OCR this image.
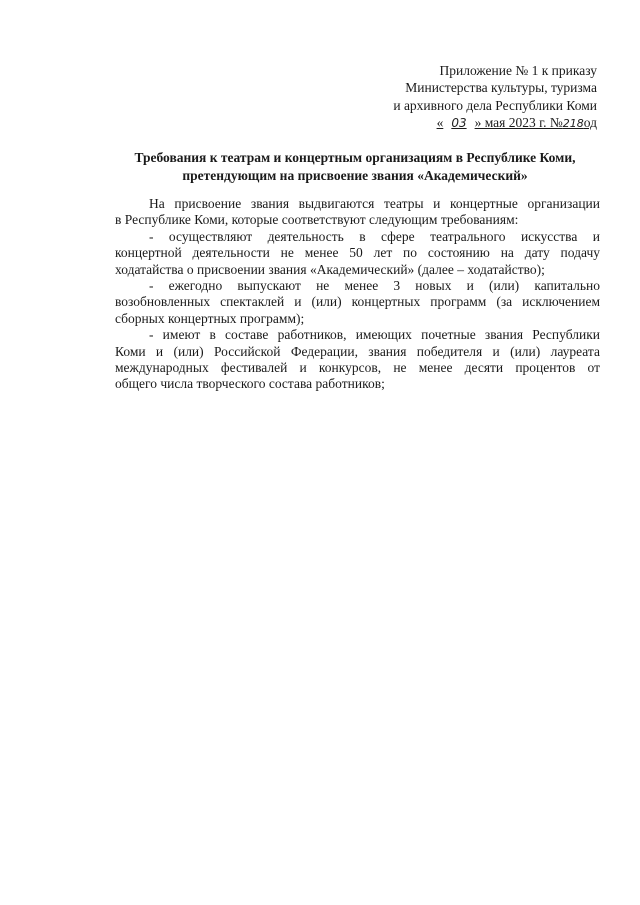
Приложение № 1 к приказу
Министерства культуры, туризма
и архивного дела Республики Коми
« 03 » мая 2023 г. №218од
Требования к театрам и концертным организациям в Республике Коми,
претендующим на присвоение звания «Академический»
На присвоение звания выдвигаются театры и концертные организации
в Республике Коми, которые соответствуют следующим требованиям:
- осуществляют деятельность в сфере театрального искусства и
концертной деятельности не менее 50 лет по состоянию на дату подачу
ходатайства о присвоении звания «Академический» (далее – ходатайство);
- ежегодно выпускают не менее 3 новых и (или) капитально
возобновленных спектаклей и (или) концертных программ (за исключением
сборных концертных программ);
- имеют в составе работников, имеющих почетные звания Республики
Коми и (или) Российской Федерации, звания победителя и (или) лауреата
международных фестивалей и конкурсов, не менее десяти процентов от
общего числа творческого состава работников;
